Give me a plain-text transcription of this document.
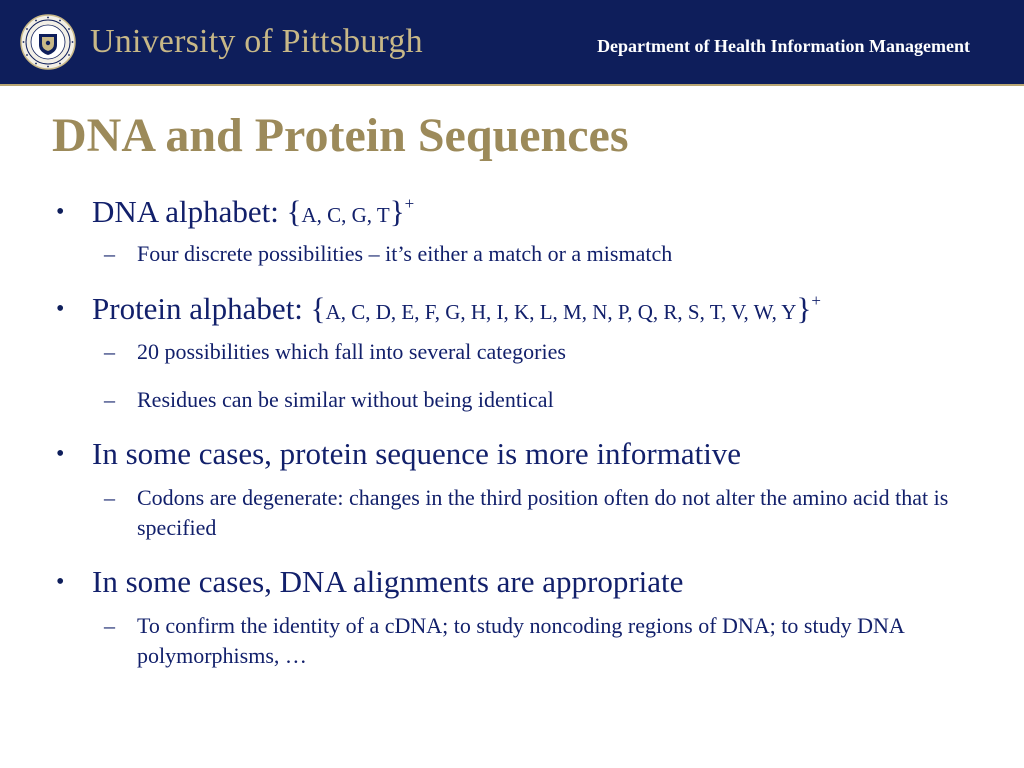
University of Pittsburgh	Department of Health Information Management
DNA and Protein Sequences
• DNA alphabet: {A, C, G, T}+
– Four discrete possibilities – it’s either a match or a mismatch
• Protein alphabet: {A, C, D, E, F, G, H, I, K, L, M, N, P, Q, R, S, T, V, W, Y}+
– 20 possibilities which fall into several categories
– Residues can be similar without being identical
• In some cases, protein sequence is more informative
– Codons are degenerate: changes in the third position often do not alter the amino acid that is specified
• In some cases, DNA alignments are appropriate
– To confirm the identity of a cDNA; to study noncoding regions of DNA; to study DNA polymorphisms, …
